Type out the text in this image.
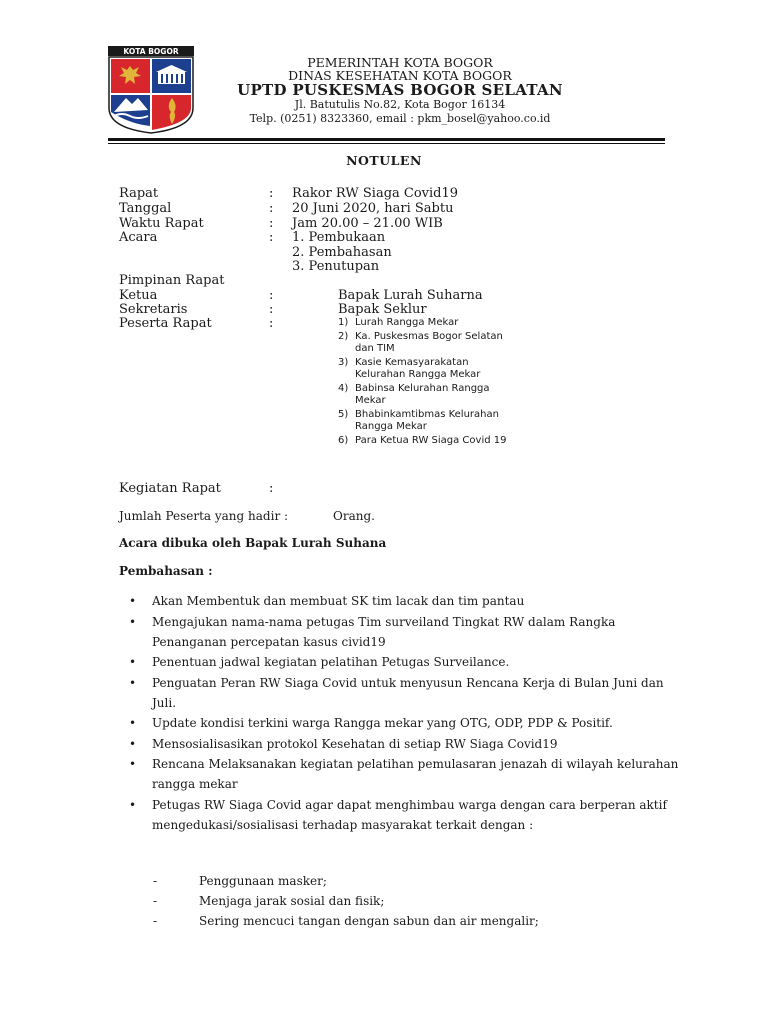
KOTA BOGOR
PEMERINTAH KOTA BOGOR
DINAS KESEHATAN KOTA BOGOR
UPTD PUSKESMAS BOGOR SELATAN
Jl. Batutulis No.82, Kota Bogor 16134
Telp. (0251) 8323360, email : pkm_bosel@yahoo.co.id
NOTULEN
Rapat	: Rakor RW Siaga Covid19
Tanggal	: 20 Juni 2020, hari Sabtu
Waktu Rapat	: Jam 20.00 – 21.00 WIB
Acara	: 1. Pembukaan
2. Pembahasan
3. Penutupan
Pimpinan Rapat
Ketua	:	Bapak Lurah Suharna
Sekretaris	:	Bapak Seklur
Peserta Rapat	:	1) Lurah Rangga Mekar
2) Ka. Puskesmas Bogor Selatan dan TIM
3) Kasie Kemasyarakatan Kelurahan Rangga Mekar
4) Babinsa Kelurahan Rangga Mekar
5) Bhabinkamtibmas Kelurahan Rangga Mekar
6) Para Ketua RW Siaga Covid 19
Kegiatan Rapat	:
Jumlah Peserta yang hadir :	Orang.
Acara dibuka oleh Bapak Lurah Suhana
Pembahasan :
• Akan Membentuk dan membuat SK tim lacak dan tim pantau
• Mengajukan nama-nama petugas Tim surveiland Tingkat RW dalam Rangka Penanganan percepatan kasus civid19
• Penentuan jadwal kegiatan pelatihan Petugas Surveilance.
• Penguatan Peran RW Siaga Covid untuk menyusun Rencana Kerja di Bulan Juni dan Juli.
• Update kondisi terkini warga Rangga mekar yang OTG, ODP, PDP & Positif.
• Mensosialisasikan protokol Kesehatan di setiap RW Siaga Covid19
• Rencana Melaksanakan kegiatan pelatihan pemulasaran jenazah di wilayah kelurahan rangga mekar
• Petugas RW Siaga Covid agar dapat menghimbau warga dengan cara berperan aktif mengedukasi/sosialisasi terhadap masyarakat terkait dengan :
-	Penggunaan masker;
-	Menjaga jarak sosial dan fisik;
-	Sering mencuci tangan dengan sabun dan air mengalir;
